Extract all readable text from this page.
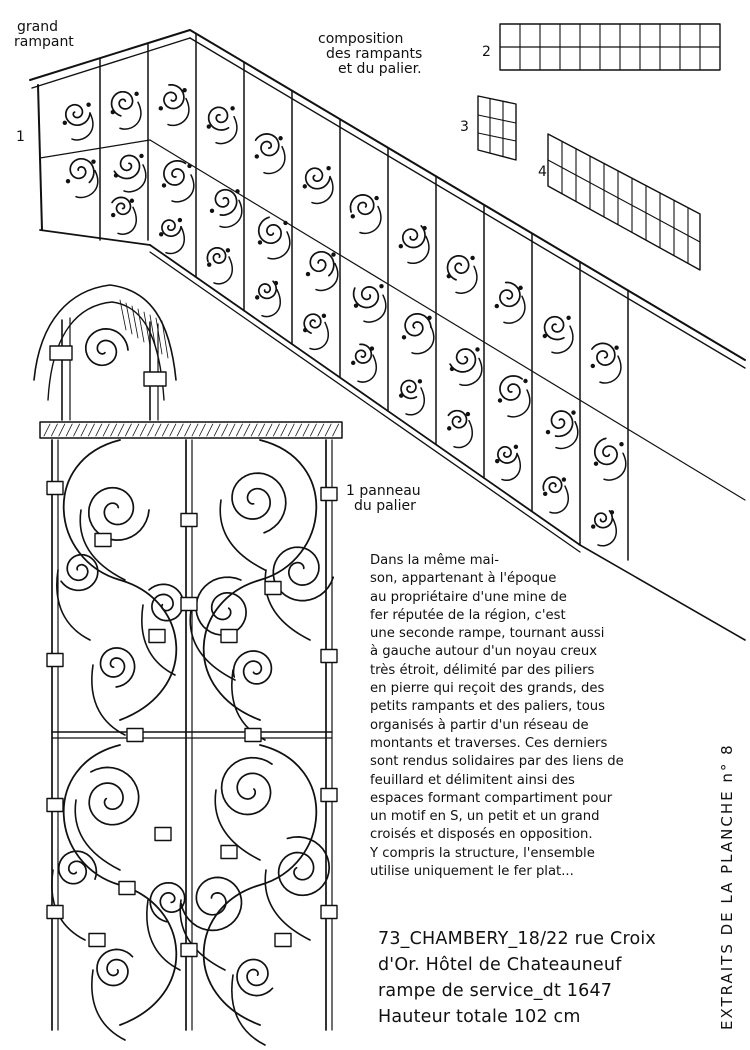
grand
rampant	composition
des rampants
et du palier.
1
2
3
4
1 panneau
du palier
Dans la même mai-
son, appartenant à l'époque
au propriétaire d'une mine de
fer réputée de la région, c'est
une seconde rampe, tournant aussi
à gauche autour d'un noyau creux
très étroit, délimité par des piliers
en pierre qui reçoit des grands, des
petits rampants et des paliers, tous
organisés à partir d'un réseau de
montants et traverses. Ces derniers
sont rendus solidaires par des liens de
feuillard et délimitent ainsi des
espaces formant compartiment pour
un motif en S, un petit et un grand
croisés et disposés en opposition.
Y compris la structure, l'ensemble
utilise uniquement le fer plat...
73_CHAMBERY_18/22 rue Croix
d'Or. Hôtel de Chateauneuf
rampe de service_dt 1647
Hauteur totale 102 cm	EXTRAITS DE LA PLANCHE n° 8
